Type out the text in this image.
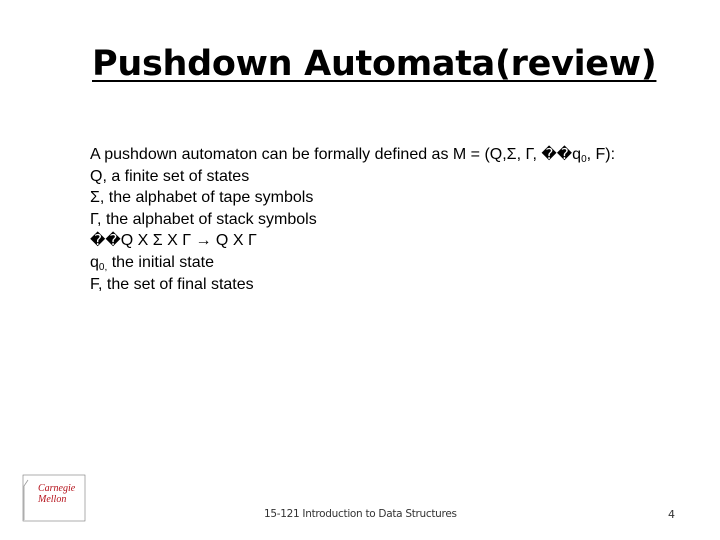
Pushdown Automata(review)
A pushdown automaton can be formally defined as M = (Q,Σ, Γ, $��q_0$, F):
Q, a finite set of states
Σ, the alphabet of tape symbols
Γ, the alphabet of stack symbols
��Q X Σ X Γ → Q X Γ
$q_{0,}$ the initial state
F, the set of final states
Carnegie
Mellon
15-121 Introduction to Data Structures	4
